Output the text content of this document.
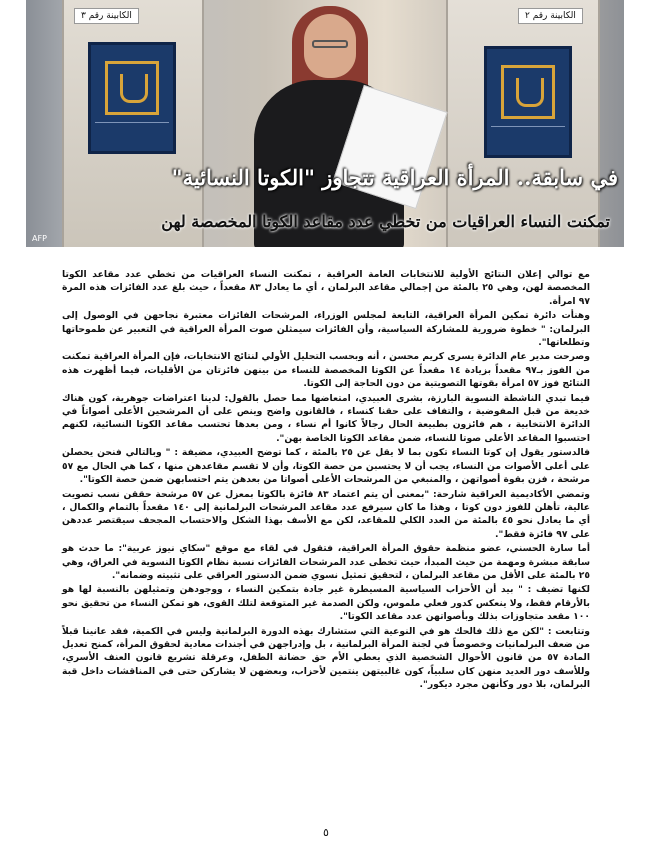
الكابينة رقم ٣	الكابينة رقم ٢
في سابقة.. المرأة العراقية تتجاوز "الكوتا النسائية"
تمكنت النساء العراقيات من تخطي عدد مقاعد الكوتا المخصصة لهن
AFP

مع توالي إعلان النتائج الأولية للانتخابات العامة العراقية ، تمكنت النساء العراقيات من تخطي عدد مقاعد الكوتا المخصصة لهن، وهي ٢٥ بالمئة من إجمالي مقاعد البرلمان ، أي ما يعادل ٨٣ مقعداً ، حيث بلغ عدد الفائزات هذه المرة ٩٧ امرأة.

وهنأت دائرة تمكين المرأة العراقية، التابعة لمجلس الوزراء، المرشحات الفائزات معتبرة نجاحهن في الوصول إلى البرلمان: " خطوة ضرورية للمشاركة السياسية، وأن الفائزات سيمثلن صوت المرأة العراقية في التعبير عن طموحاتها وتطلعاتها".

وصرحت مدير عام الدائرة يسرى كريم محسن ، أنه وبحسب التحليل الأولي لنتائج الانتخابات، فإن المرأة العراقية تمكنت من الفوز بـ٩٧ مقعداً بزيادة ١٤ مقعداً عن الكوتا المخصصة للنساء من بينهن فائزتان من الأقليات، فيما أظهرت هذه النتائج فوز ٥٧ امرأة بقوتها التصويتية من دون الحاجة إلى الكوتا.

فيما تبدي الناشطة النسوية البارزة، بشرى العبيدي، امتعاضها مما حصل بالقول: لدينا اعتراضات جوهرية، كون هناك خديعة من قبل المفوضية ، والتفاف على حقنا كنساء ، فالقانون واضح وينص على أن المرشحين الأعلى أصواتاً في الدائرة الانتخابية ، هم فائزون بطبيعة الحال رجالاً كانوا أم نساء ، ومن بعدها تحتسب مقاعد الكوتا النسائية، لكنهم احتسبوا المقاعد الأعلى صوتا للنساء، ضمن مقاعد الكوتا الخاصة بهن".

فالدستور يقول إن كوتا النساء تكون بما لا يقل عن ٢٥ بالمئة ، كما توضح العبيدي، مضيفة : " وبالتالي فنحن يحصلن على أعلى الأصوات من النساء، يجب أن لا يحتسبن من حصة الكوتا، وأن لا تقسم مقاعدهن منها ، كما هي الحال مع ٥٧ مرشحة ، فزن بقوة أصواتهن ، والمنبغي من المرشحات الأعلى أصواتا من بعدهن يتم احتسابهن ضمن حصة الكوتا".

وتمضي الأكاديمية العراقية شارحة: "بمعنى أن يتم اعتماد ٨٣ فائزة بالكوتا بمعزل عن ٥٧ مرشحة حققن نسب تصويت عالية، تأهلن للفوز دون كوتا ، وهذا ما كان سيرفع عدد مقاعد المرشحات البرلمانية إلى ١٤٠ مقعداً بالتمام والكمال ، أي ما يعادل نحو ٤٥ بالمئة من العدد الكلي للمقاعد، لكن مع الأسف بهذا الشكل والاحتساب المجحف سيقتصر عددهن على ٩٧ فائزة فقط".

أما سارة الحسني، عضو منظمة حقوق المرأة العراقية، فتقول في لقاء مع موقع "سكاي نيوز عربية": ما حدث هو سابقة مبشرة ومهمة من حيث المبدأ، حيث تخطى عدد المرشحات الفائزات نسبة نظام الكوتا النسوية في العراق، وهي ٢٥ بالمئة على الأقل من مقاعد البرلمان ، لتحقيق تمثيل نسوي ضمن الدستور العراقي على تثبيته وضمانه".

لكنها تضيف : " بيد أن الأحزاب السياسية المسيطرة غير جادة بتمكين النساء ، ووجودهن وتمثيلهن بالنسبة لها هو بالأرقام فقط، ولا ينعكس كدور فعلي ملموس، ولكن الصدمة غير المتوقعة لتلك القوى، هو تمكن النساء من تحقيق نحو ١٠٠ مقعد متجاوزات بذلك وبأصواتهن عدد مقاعد الكوتا".

وتتابعت : "لكن مع ذلك فالحك هو في النوعية التي ستشارك بهذه الدورة البرلمانية وليس في الكمية، فقد عانينا قبلاً من ضعف البرلمانيات وخصوصاً في لجنة المرأة البرلمانية ، بل وإدراجهن في أجندات معادية لحقوق المرأة، كمنح تعديل المادة ٥٧ من قانون الأحوال الشخصية الذي يعطي الأم حق حضانة الطفل، وعرقلة تشريع قانون العنف الأسري، وللأسف دور العديد منهن كان سلبياً، كون غالبيتهن ينتمين لأحزاب، وبعضهن لا يشاركن حتى في المناقشات داخل قبة البرلمان، بلا دور وكأنهن مجرد ديكور".

٥
